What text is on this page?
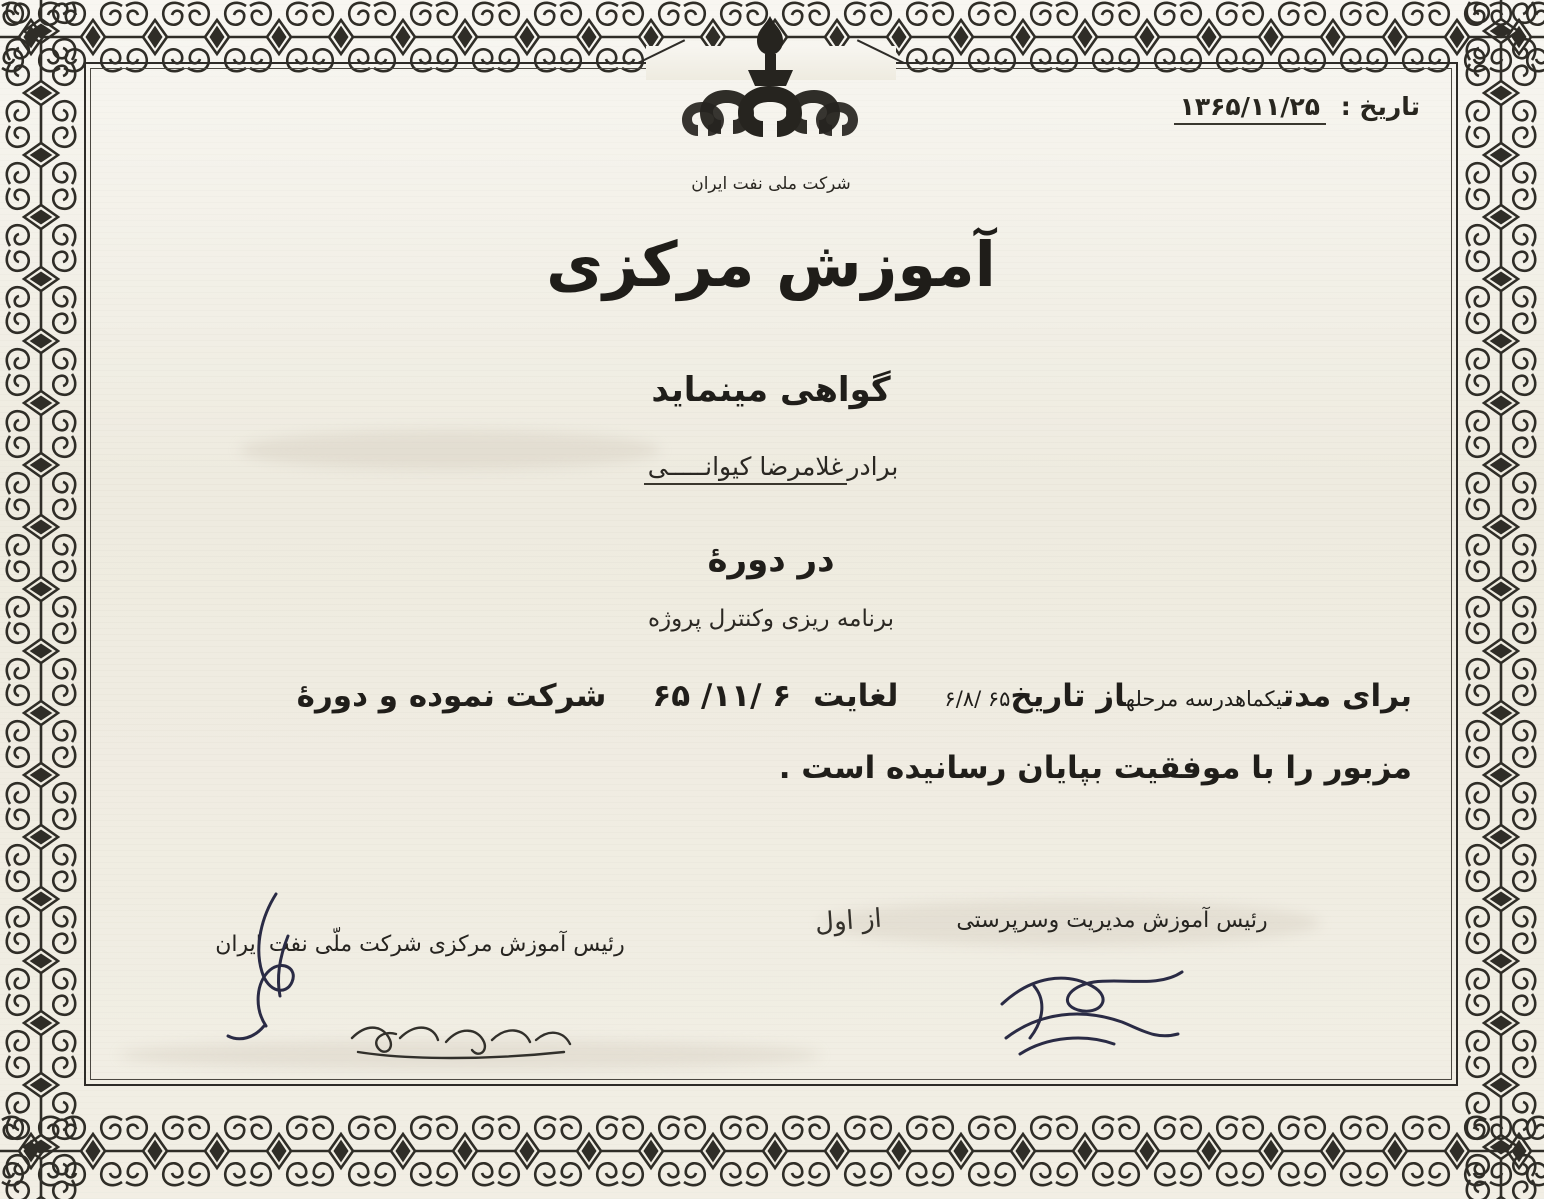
تاریخ : ۱۳۶۵/۱۱/۲۵
شرکت ملی نفت ایران
آموزش مرکزی
گواهی مینماید
برادرغلامرضا کیوانـــــی
در دورهٔ
برنامه ریزی وکنترل پروژه
برای مدتیکماهدرسه مرحلهاز تاریخ۶۵ /۶/۸لغایت۶ /۱۱/ ۶۵شرکت نموده و دورهٔ
مزبور را با موفقیت بپایان رسانیده است .
از اول	رئیس آموزش مدیریت وسرپرستی
رئیس آموزش مرکزی شرکت ملّی نفت ایران
